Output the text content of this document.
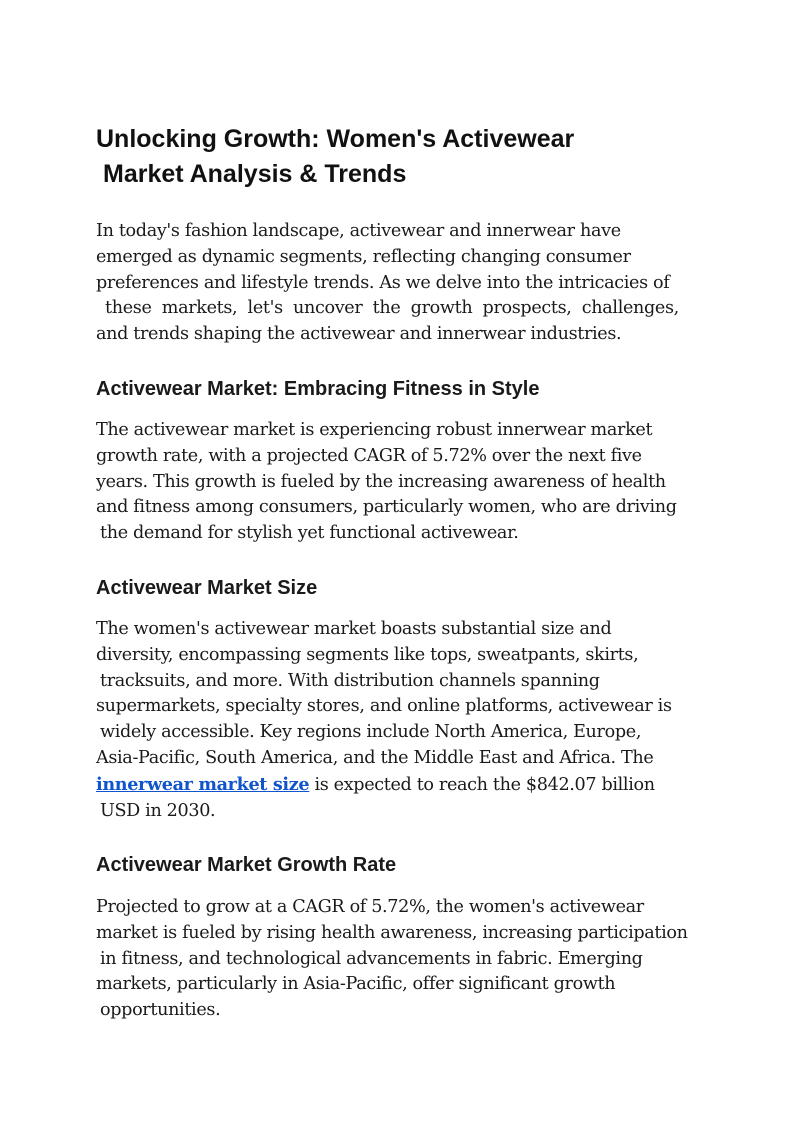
Unlocking Growth: Women's Activewear
Market Analysis & Trends

In today's fashion landscape, activewear and innerwear have
emerged as dynamic segments, reflecting changing consumer
preferences and lifestyle trends. As we delve into the intricacies of
these markets, let's uncover the growth prospects, challenges,
and trends shaping the activewear and innerwear industries.

Activewear Market: Embracing Fitness in Style

The activewear market is experiencing robust innerwear market
growth rate, with a projected CAGR of 5.72% over the next five
years. This growth is fueled by the increasing awareness of health
and fitness among consumers, particularly women, who are driving
the demand for stylish yet functional activewear.

Activewear Market Size

The women's activewear market boasts substantial size and
diversity, encompassing segments like tops, sweatpants, skirts,
tracksuits, and more. With distribution channels spanning
supermarkets, specialty stores, and online platforms, activewear is
widely accessible. Key regions include North America, Europe,
Asia-Pacific, South America, and the Middle East and Africa. The
innerwear market size is expected to reach the $842.07 billion
USD in 2030.

Activewear Market Growth Rate

Projected to grow at a CAGR of 5.72%, the women's activewear
market is fueled by rising health awareness, increasing participation
in fitness, and technological advancements in fabric. Emerging
markets, particularly in Asia-Pacific, offer significant growth
opportunities.
